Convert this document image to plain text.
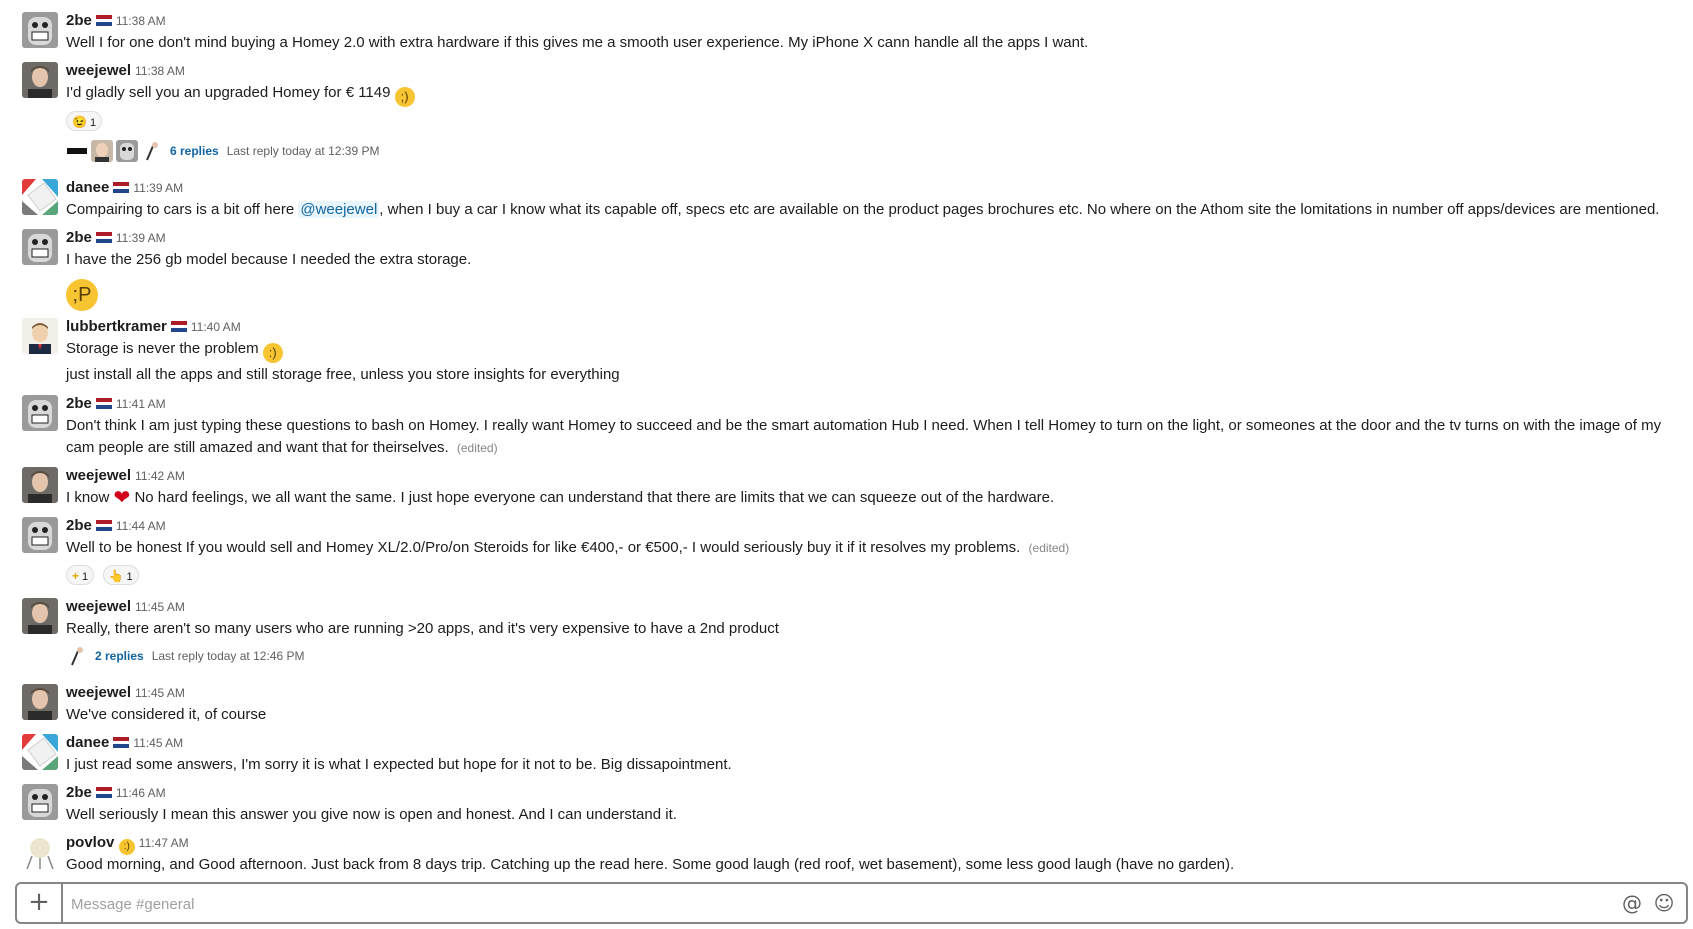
2be 11:38 AM
Well I for one don't mind buying a Homey 2.0 with extra hardware if this gives me a smooth user experience. My iPhone X cann handle all the apps I want.
weejewel 11:38 AM
I'd gladly sell you an upgraded Homey for € 1149 ;)
😉 1
6 replies Last reply today at 12:39 PM
danee 11:39 AM
Compairing to cars is a bit off here @weejewel , when I buy a car I know what its capable off, specs etc are available on the product pages brochures etc. No where on the Athom site the lomitations in number off apps/devices are mentioned.
2be 11:39 AM
I have the 256 gb model because I needed the extra storage.
;P
lubbertkramer 11:40 AM
Storage is never the problem :)
just install all the apps and still storage free, unless you store insights for everything
2be 11:41 AM
Don't think I am just typing these questions to bash on Homey. I really want Homey to succeed and be the smart automation Hub I need. When I tell Homey to turn on the light, or someones at the door and the tv turns on with the image of my cam people are still amazed and want that for theirselves. (edited)
weejewel 11:42 AM
I know ❤ No hard feelings, we all want the same. I just hope everyone can understand that there are limits that we can squeeze out of the hardware.
2be 11:44 AM
Well to be honest If you would sell and Homey XL/2.0/Pro/on Steroids for like €400,- or €500,- I would seriously buy it if it resolves my problems. (edited)
+ 1 👆 1
weejewel 11:45 AM
Really, there aren't so many users who are running >20 apps, and it's very expensive to have a 2nd product
2 replies Last reply today at 12:46 PM
weejewel 11:45 AM
We've considered it, of course
danee 11:45 AM
I just read some answers, I'm sorry it is what I expected but hope for it not to be. Big dissapointment.
2be 11:46 AM
Well seriously I mean this answer you give now is open and honest. And I can understand it.
povlov :) 11:47 AM
Good morning, and Good afternoon. Just back from 8 days trip. Catching up the read here. Some good laugh (red roof, wet basement), some less good laugh (have no garden).
+
Message #general	@ ☺
